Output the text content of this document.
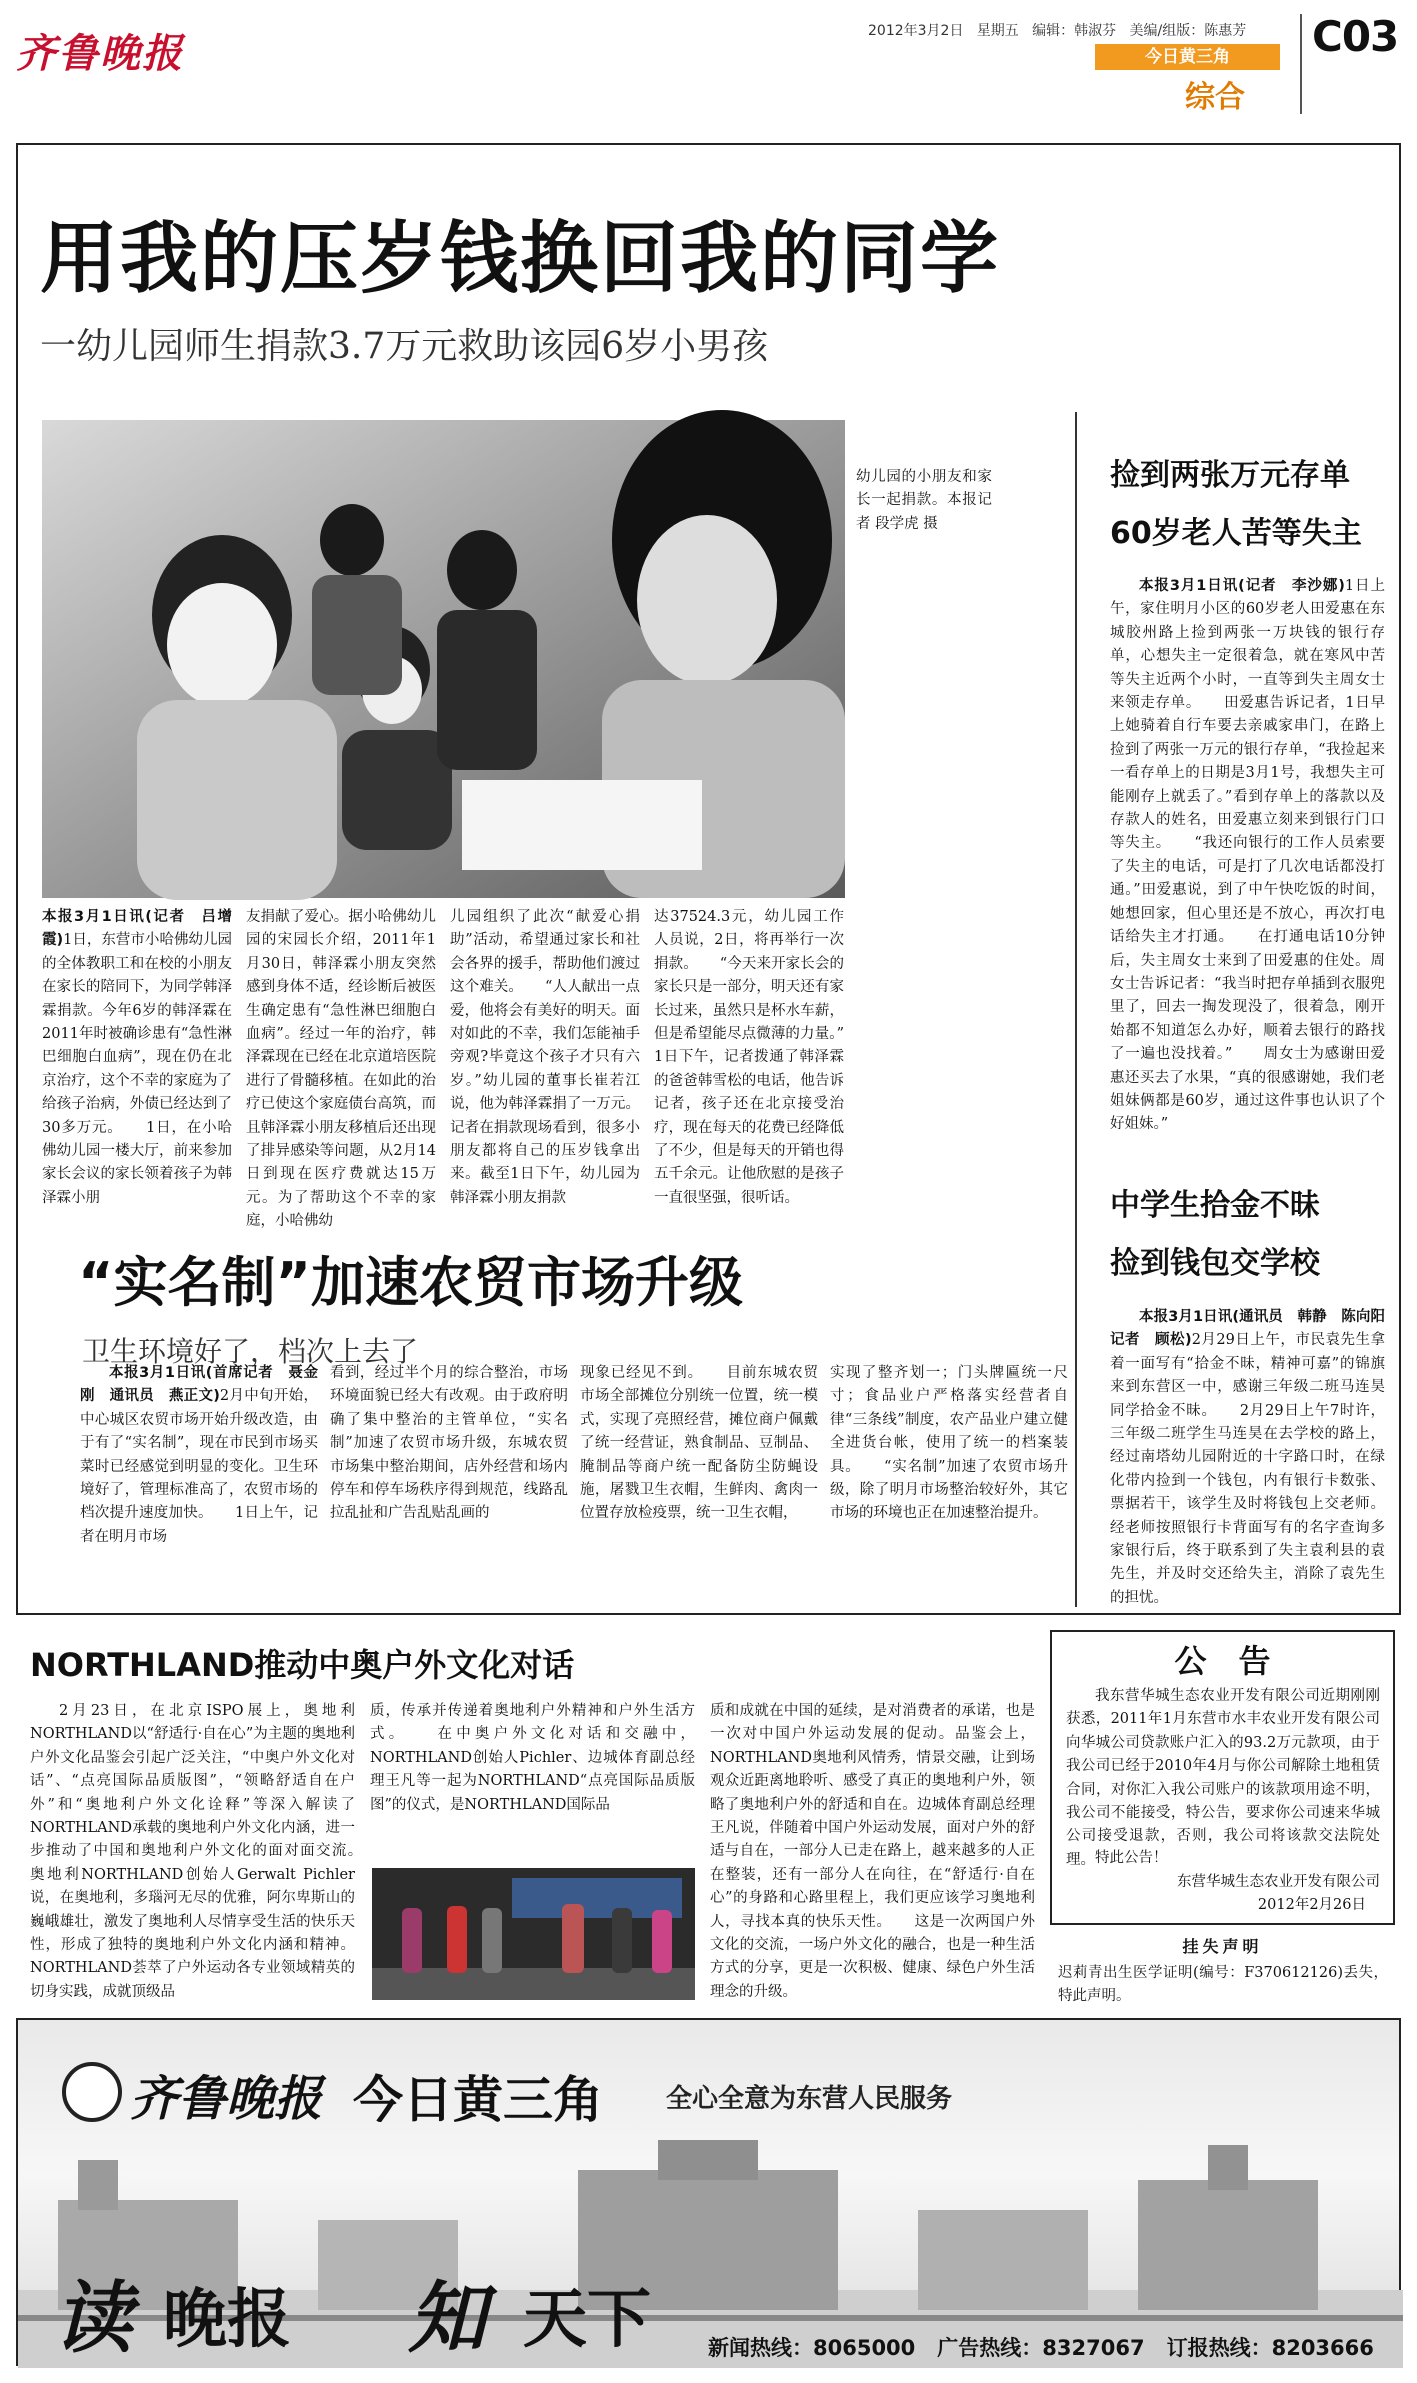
齐鲁晚报	2012年3月2日   星期五   编辑：韩淑芬   美编/组版：陈惠芳
今日黄三角
综合
C03
用我的压岁钱换回我的同学
一幼儿园师生捐款3.7万元救助该园6岁小男孩
幼儿园的小朋友和家长一起捐款。本报记者 段学虎 摄

本报3月1日讯(记者　吕增霞)1日，东营市小哈佛幼儿园的全体教职工和在校的小朋友在家长的陪同下，为同学韩泽霖捐款。今年6岁的韩泽霖在2011年时被确诊患有“急性淋巴细胞白血病”，现在仍在北京治疗，这个不幸的家庭为了给孩子治病，外债已经达到了30多万元。　　1日，在小哈佛幼儿园一楼大厅，前来参加家长会议的家长领着孩子为韩泽霖小朋

友捐献了爱心。据小哈佛幼儿园的宋园长介绍，2011年1月30日，韩泽霖小朋友突然感到身体不适，经诊断后被医生确定患有“急性淋巴细胞白血病”。经过一年的治疗，韩泽霖现在已经在北京道培医院进行了骨髓移植。在如此的治疗已使这个家庭债台高筑，而且韩泽霖小朋友移植后还出现了排异感染等问题，从2月14日到现在医疗费就达15万元。为了帮助这个不幸的家庭，小哈佛幼
儿园组织了此次“献爱心捐助”活动，希望通过家长和社会各界的援手，帮助他们渡过这个难关。　　“人人献出一点爱，他将会有美好的明天。面对如此的不幸，我们怎能袖手旁观?毕竟这个孩子才只有六岁。”幼儿园的董事长崔若江说，他为韩泽霖捐了一万元。记者在捐款现场看到，很多小朋友都将自己的压岁钱拿出来。截至1日下午，幼儿园为韩泽霖小朋友捐款
达37524.3元，幼儿园工作人员说，2日，将再举行一次捐款。　　“今天来开家长会的家长只是一部分，明天还有家长过来，虽然只是杯水车薪，但是希望能尽点微薄的力量。”　　1日下午，记者拨通了韩泽霖的爸爸韩雪松的电话，他告诉记者，孩子还在北京接受治疗，现在每天的花费已经降低了不少，但是每天的开销也得五千余元。让他欣慰的是孩子一直很坚强，很听话。
捡到两张万元存单
60岁老人苦等失主

本报3月1日讯(记者　李沙娜)1日上午，家住明月小区的60岁老人田爱惠在东城胶州路上捡到两张一万块钱的银行存单，心想失主一定很着急，就在寒风中苦等失主近两个小时，一直等到失主周女士来领走存单。　　田爱惠告诉记者，1日早上她骑着自行车要去亲戚家串门，在路上捡到了两张一万元的银行存单，“我捡起来一看存单上的日期是3月1号，我想失主可能刚存上就丢了。”看到存单上的落款以及存款人的姓名，田爱惠立刻来到银行门口等失主。　　“我还向银行的工作人员索要了失主的电话，可是打了几次电话都没打通。”田爱惠说，到了中午快吃饭的时间，她想回家，但心里还是不放心，再次打电话给失主才打通。　　在打通电话10分钟后，失主周女士来到了田爱惠的住处。周女士告诉记者：“我当时把存单插到衣服兜里了，回去一掏发现没了，很着急，刚开始都不知道怎么办好，顺着去银行的路找了一遍也没找着。”　　周女士为感谢田爱惠还买去了水果，“真的很感谢她，我们老姐妹俩都是60岁，通过这件事也认识了个好姐妹。”

中学生拾金不昧
捡到钱包交学校

本报3月1日讯(通讯员　韩静　陈向阳　记者　顾松)2月29日上午，市民袁先生拿着一面写有“拾金不昧，精神可嘉”的锦旗来到东营区一中，感谢三年级二班马连昊同学拾金不昧。　　2月29日上午7时许，三年级二班学生马连昊在去学校的路上，经过南塔幼儿园附近的十字路口时，在绿化带内捡到一个钱包，内有银行卡数张、票据若干，该学生及时将钱包上交老师。经老师按照银行卡背面写有的名字查询多家银行后，终于联系到了失主袁利县的袁先生，并及时交还给失主，消除了袁先生的担忧。

“实名制”加速农贸市场升级
卫生环境好了，档次上去了

本报3月1日讯(首席记者　聂金刚　通讯员　燕正文)2月中旬开始，中心城区农贸市场开始升级改造，由于有了“实名制”，现在市民到市场买菜时已经感觉到明显的变化。卫生环境好了，管理标准高了，农贸市场的档次提升速度加快。　　1日上午，记者在明月市场

看到，经过半个月的综合整治，市场环境面貌已经大有改观。由于政府明确了集中整治的主管单位，“实名制”加速了农贸市场升级，东城农贸市场集中整治期间，店外经营和场内停车和停车场秩序得到规范，线路乱拉乱扯和广告乱贴乱画的
现象已经见不到。　　目前东城农贸市场全部摊位分别统一位置，统一模式，实现了亮照经营，摊位商户佩戴了统一经营证，熟食制品、豆制品、腌制品等商户统一配备防尘防蝇设施，屠戮卫生衣帽，生鲜肉、禽肉一位置存放检疫票，统一卫生衣帽，
实现了整齐划一；门头牌匾统一尺寸；食品业户严格落实经营者自律“三条线”制度，农产品业户建立健全进货台帐，使用了统一的档案装具。　　“实名制”加速了农贸市场升级，除了明月市场整治较好外，其它市场的环境也正在加速整治提升。
NORTHLAND推动中奥户外文化对话
2月23日，在北京ISPO展上，奥地利NORTHLAND以“舒适行·自在心”为主题的奥地利户外文化品鉴会引起广泛关注，“中奥户外文化对话”、“点亮国际品质版图”，“领略舒适自在户外”和“奥地利户外文化诠释”等深入解读了NORTHLAND承载的奥地利户外文化内涵，进一步推动了中国和奥地利户外文化的面对面交流。　　奥地利NORTHLAND创始人Gerwalt Pichler说，在奥地利，多瑙河无尽的优雅，阿尔卑斯山的巍峨雄壮，激发了奥地利人尽情享受生活的快乐天性，形成了独特的奥地利户外文化内涵和精神。NORTHLAND荟萃了户外运动各专业领域精英的切身实践，成就顶级品
质，传承并传递着奥地利户外精神和户外生活方式。　　在中奥户外文化对话和交融中，NORTHLAND创始人Pichler、边城体育副总经理王凡等一起为NORTHLAND“点亮国际品质版图”的仪式，是NORTHLAND国际品
质和成就在中国的延续，是对消费者的承诺，也是一次对中国户外运动发展的促动。品鉴会上，NORTHLAND奥地利风情秀，情景交融，让到场观众近距离地聆听、感受了真正的奥地利户外，领略了奥地利户外的舒适和自在。边城体育副总经理王凡说，伴随着中国户外运动发展，面对户外的舒适与自在，一部分人已走在路上，越来越多的人正在整装，还有一部分人在向往，在“舒适行·自在心”的身路和心路里程上，我们更应该学习奥地利人，寻找本真的快乐天性。　　这是一次两国户外文化的交流，一场户外文化的融合，也是一种生活方式的分享，更是一次积极、健康、绿色户外生活理念的升级。
公　告

我东营华城生态农业开发有限公司近期刚刚获悉，2011年1月东营市水丰农业开发有限公司向华城公司贷款账户汇入的93.2万元款项，由于我公司已经于2010年4月与你公司解除土地租赁合同，对你汇入我公司账户的该款项用途不明，我公司不能接受，特公告，要求你公司速来华城公司接受退款，否则，我公司将该款交法院处理。 特此公告！
东营华城生态农业开发有限公司
2012年2月26日
挂失声明
迟莉青出生医学证明(编号：F370612126)丢失，特此声明。
齐鲁晚报 今日黄三角 全心全意为东营人民服务
读 晚报 知 天下	新闻热线：8065000 广告热线：8327067 订报热线：8203666
